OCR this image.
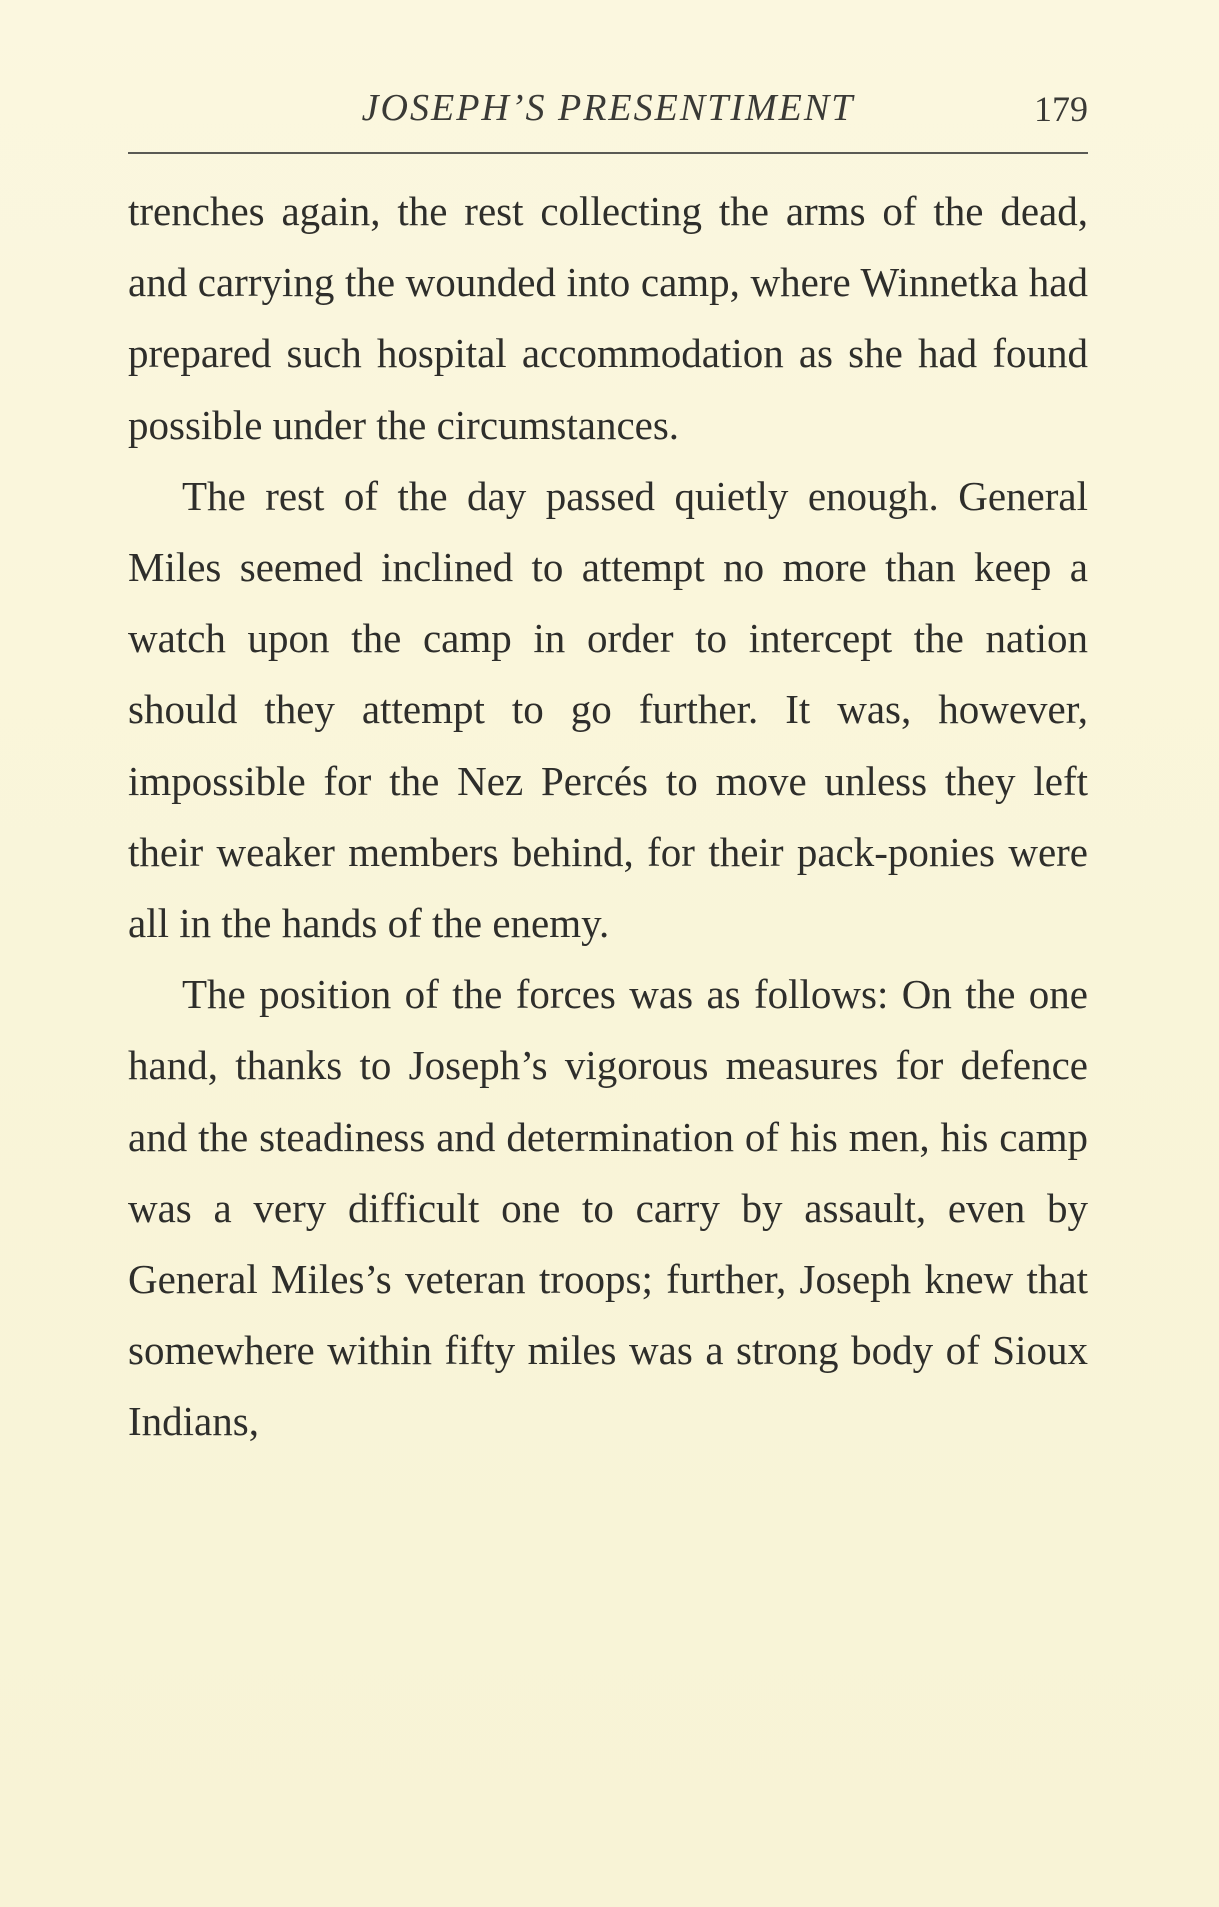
JOSEPH’S PRESENTIMENT	179

trenches again, the rest collecting the arms of the dead, and carrying the wounded into camp, where Winnetka had prepared such hospital accommodation as she had found possible under the circumstances.

The rest of the day passed quietly enough. General Miles seemed inclined to attempt no more than keep a watch upon the camp in order to intercept the nation should they attempt to go further. It was, however, impossible for the Nez Percés to move unless they left their weaker members behind, for their pack-ponies were all in the hands of the enemy.

The position of the forces was as follows: On the one hand, thanks to Joseph’s vigorous measures for defence and the steadiness and determination of his men, his camp was a very difficult one to carry by assault, even by General Miles’s veteran troops; further, Joseph knew that somewhere within fifty miles was a strong body of Sioux Indians,
